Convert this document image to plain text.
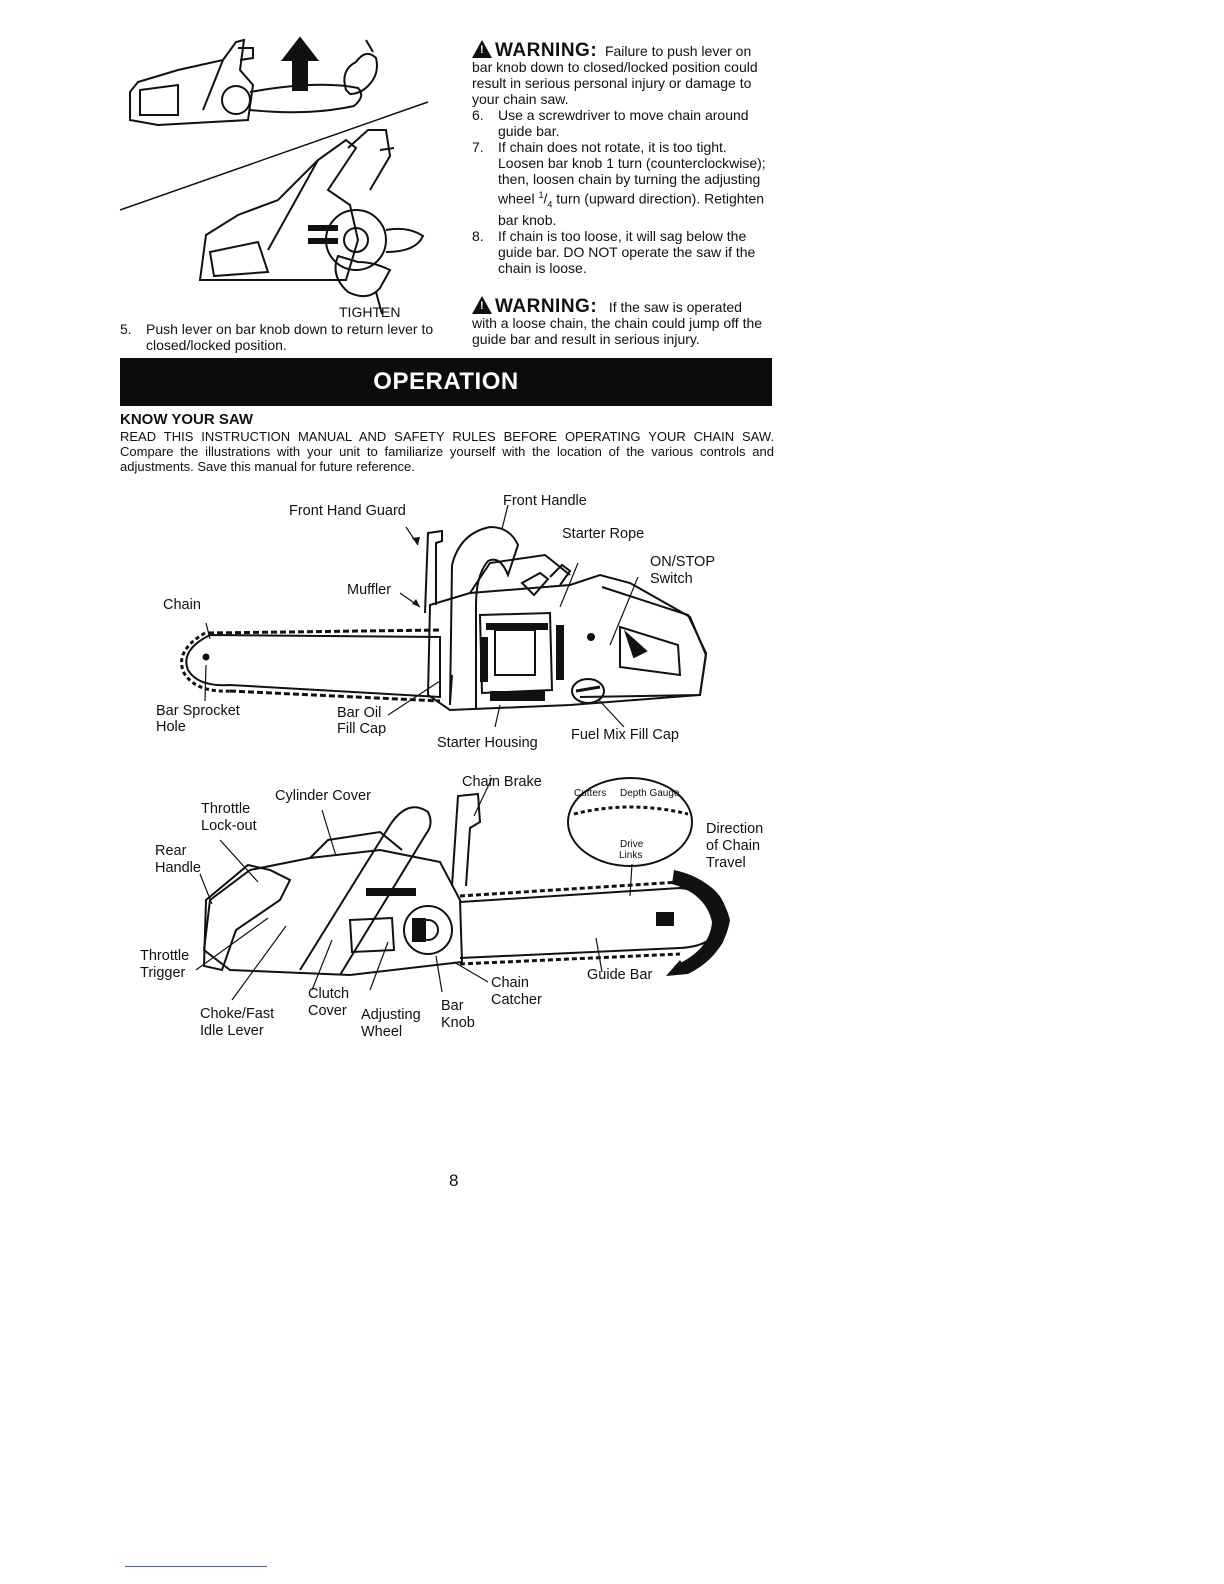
TIGHTEN
5. Push lever on bar knob down to return lever to closed/locked position.
! WARNING: Failure to push lever on
bar knob down to closed/locked position could result in serious personal injury or damage to your chain saw.
6. Use a screwdriver to move chain around guide bar.
7. If chain does not rotate, it is too tight. Loosen bar knob 1 turn (counterclockwise); then, loosen chain by turning the adjusting wheel $^1/_4$ turn (upward direction). Retighten bar knob.
8. If chain is too loose, it will sag below the guide bar. DO NOT operate the saw if the chain is loose.
! WARNING: If the saw is operated
with a loose chain, the chain could jump off the guide bar and result in serious injury.
OPERATION
KNOW YOUR SAW
READ THIS INSTRUCTION MANUAL AND SAFETY RULES BEFORE OPERATING YOUR CHAIN SAW. Compare the illustrations with your unit to familiarize yourself with the location of the various controls and adjustments. Save this manual for future reference.
Front Hand Guard
Front Handle
Starter Rope
ON/STOP
Switch
Muffler
Chain
Bar Sprocket
Hole
Bar Oil
Fill Cap
Starter Housing Fuel Mix Fill Cap
Chain Brake
Cylinder Cover
Throttle
Lock-out
Rear
Handle
Cutters Depth Gauge
Drive
Links
Direction
of Chain
Travel
Throttle
Trigger	Guide Bar
Chain
Catcher
Clutch
Cover	Bar
Knob
Choke/Fast
Idle Lever
Adjusting
Wheel
8
